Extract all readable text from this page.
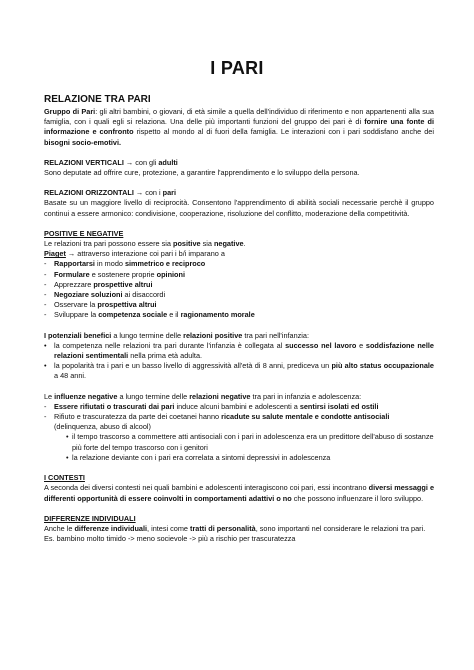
I PARI
RELAZIONE TRA PARI

Gruppo di Pari: gli altri bambini, o giovani, di età simile a quella dell'individuo di riferimento e non appartenenti alla sua famiglia, con i quali egli si relaziona. Una delle più importanti funzioni del gruppo dei pari è di fornire una fonte di informazione e confronto rispetto al mondo al di fuori della famiglia. Le interazioni con i pari soddisfano anche dei bisogni socio-emotivi.

RELAZIONI VERTICALI → con gli adulti

Sono deputate ad offrire cure, protezione, a garantire l'apprendimento e lo sviluppo della persona.

RELAZIONI ORIZZONTALI → con i pari

Basate su un maggiore livello di reciprocità. Consentono l'apprendimento di abilità sociali necessarie perchè il gruppo continui a essere armonico: condivisione, cooperazione, risoluzione del conflitto, moderazione della competitività.

POSITIVE E NEGATIVE

Le relazioni tra pari possono essere sia positive sia negative.

Piaget → attraverso interazione coi pari i b/i imparano a

- Rapportarsi in modo simmetrico e reciproco
- Formulare e sostenere proprie opinioni
- Apprezzare prospettive altrui
- Negoziare soluzioni ai disaccordi
- Osservare la prospettiva altrui
- Sviluppare la competenza sociale e il ragionamento morale

I potenziali benefici a lungo termine delle relazioni positive tra pari nell'infanzia:

• la competenza nelle relazioni tra pari durante l'infanzia è collegata al successo nel lavoro e soddisfazione nelle relazioni sentimentali nella prima età adulta.
• la popolarità tra i pari e un basso livello di aggressività all'età di 8 anni, prediceva un più alto status occupazionale a 48 anni.

Le influenze negative a lungo termine delle relazioni negative tra pari in infanzia e adolescenza:

- Essere rifiutati o trascurati dai pari induce alcuni bambini e adolescenti a sentirsi isolati ed ostili
- Rifiuto e trascuratezza da parte dei coetanei hanno ricadute su salute mentale e condotte antisociali (delinquenza, abuso di alcool)
• il tempo trascorso a commettere atti antisociali con i pari in adolescenza era un predittore dell'abuso di sostanze più forte del tempo trascorso con i genitori
• la relazione deviante con i pari era correlata a sintomi depressivi in adolescenza

I CONTESTI

A seconda dei diversi contesti nei quali bambini e adolescenti interagiscono coi pari, essi incontrano diversi messaggi e differenti opportunità di essere coinvolti in comportamenti adattivi o no che possono influenzare il loro sviluppo.

DIFFERENZE INDIVIDUALI

Anche le differenze individuali, intesi come tratti di personalità, sono importanti nel considerare le relazioni tra pari.

Es. bambino molto timido -> meno socievole -> più a rischio per trascuratezza
